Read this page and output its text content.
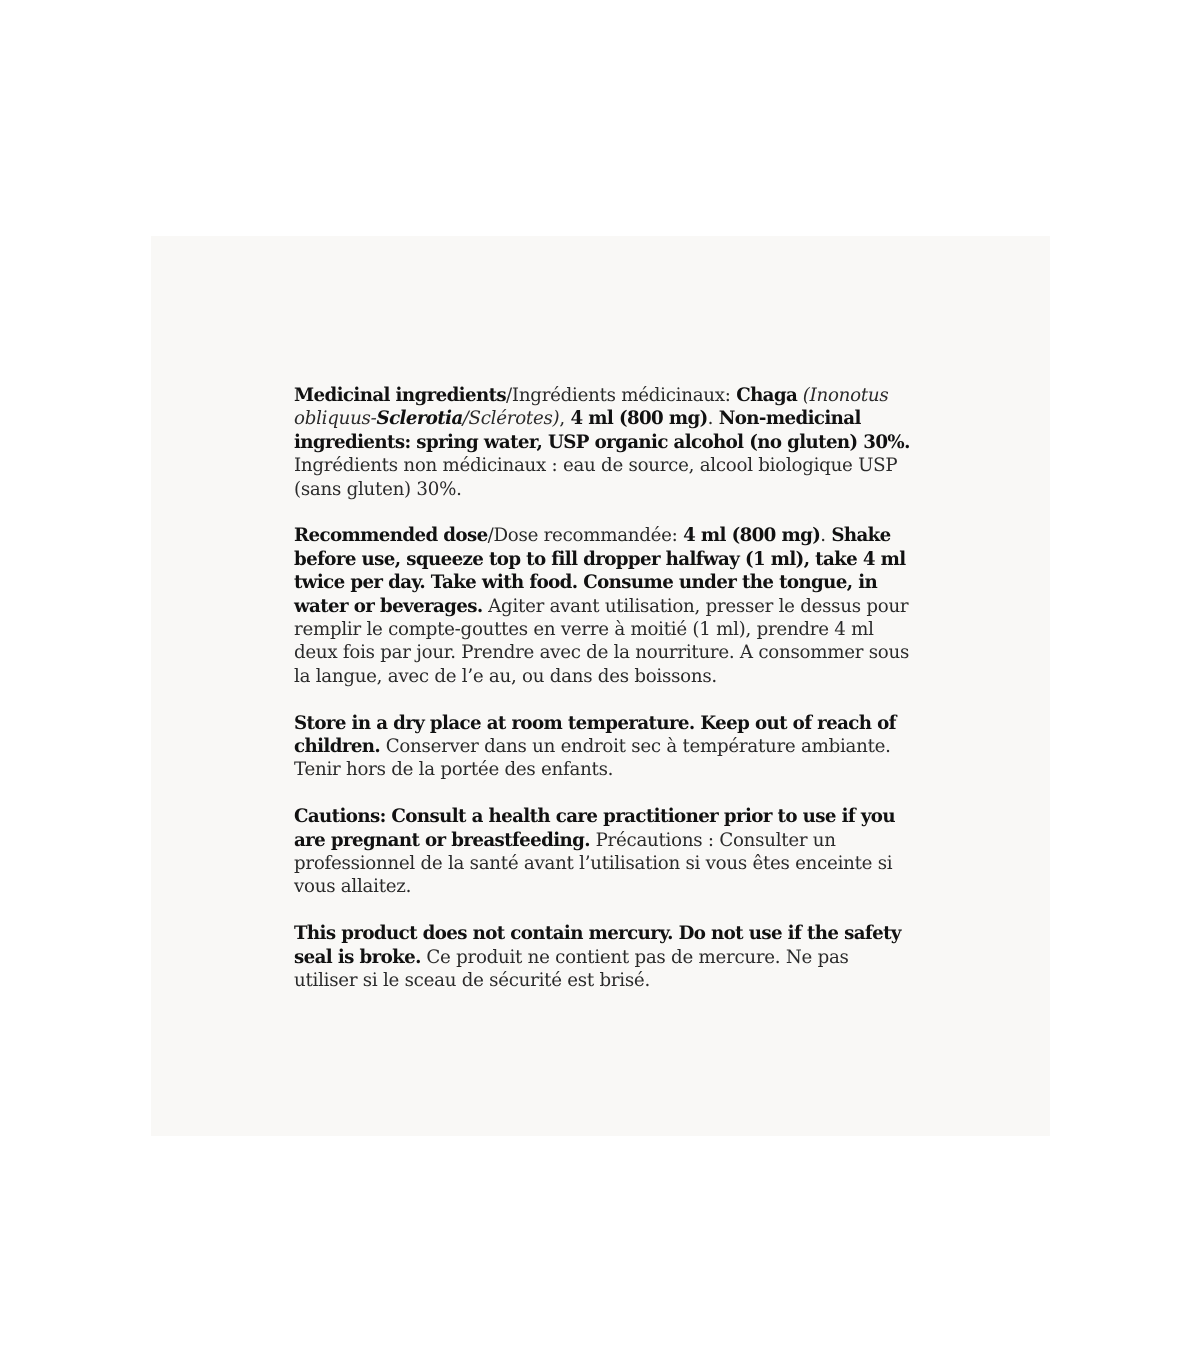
Medicinal ingredients/Ingrédients médicinaux: Chaga (Inonotus obliquus-Sclerotia/Sclérotes), 4 ml (800 mg). Non-medicinal ingredients: spring water, USP organic alcohol (no gluten) 30%. Ingrédients non médicinaux : eau de source, alcool biologique USP (sans gluten) 30%.

Recommended dose/Dose recommandée: 4 ml (800 mg). Shake before use, squeeze top to fill dropper halfway (1 ml), take 4 ml twice per day. Take with food. Consume under the tongue, in water or beverages. Agiter avant utilisation, presser le dessus pour remplir le compte-gouttes en verre à moitié (1 ml), prendre 4 ml deux fois par jour. Prendre avec de la nourriture. A consommer sous la langue, avec de l’e au, ou dans des boissons.

Store in a dry place at room temperature. Keep out of reach of children. Conserver dans un endroit sec à température ambiante. Tenir hors de la portée des enfants.

Cautions: Consult a health care practitioner prior to use if you are pregnant or breastfeeding. Précautions : Consulter un professionnel de la santé avant l’utilisation si vous êtes enceinte si vous allaitez.

This product does not contain mercury. Do not use if the safety seal is broke. Ce produit ne contient pas de mercure. Ne pas utiliser si le sceau de sécurité est brisé.
